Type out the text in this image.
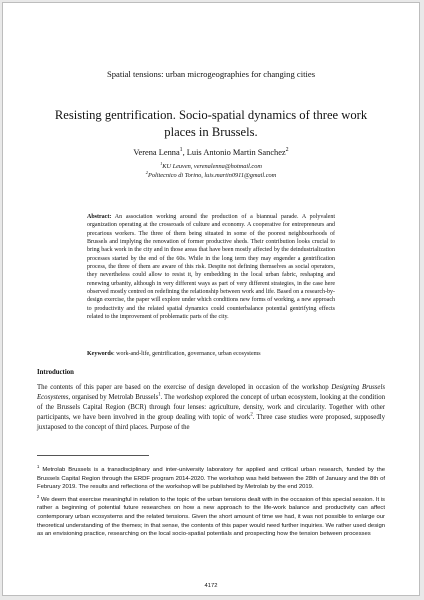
Spatial tensions: urban microgeographies for changing cities
Resisting gentrification. Socio-spatial dynamics of three work places in Brussels.
Verena Lenna$^1$, Luis Antonio Martin Sanchez$^2$
$^1$KU Leuven, verenalenna@hotmail.com
$^2$Politecnico di Torino, luis.martin0911@gmail.com
Abstract: An association working around the production of a biannual parade. A polyvalent organization operating at the crossroads of culture and economy. A cooperative for entrepreneurs and precarious workers. The three of them being situated in some of the poorest neighbourhoods of Brussels and implying the renovation of former productive sheds. Their contribution looks crucial to bring back work in the city and in those areas that have been mostly affected by the deindustrialization processes started by the end of the 60s. While in the long term they may engender a gentrification process, the three of them are aware of this risk. Despite not defining themselves as social operators, they nevertheless could allow to resist it, by embedding in the local urban fabric, reshaping and renewing urbanity, although in very different ways as part of very different strategies, in the case here observed mostly centred on redefining the relationship between work and life. Based on a research-by-design exercise, the paper will explore under which conditions new forms of working, a new approach to productivity and the related spatial dynamics could counterbalance potential gentrifying effects related to the improvement of problematic parts of the city.
Keywords: work-and-life, gentrification, governance, urban ecosystems
Introduction
The contents of this paper are based on the exercise of design developed in occasion of the workshop Designing Brussels Ecosystems, organised by Metrolab Brussels$^1$. The workshop explored the concept of urban ecosystem, looking at the condition of the Brussels Capital Region (BCR) through four lenses: agriculture, density, work and circularity. Together with other participants, we have been involved in the group dealing with topic of work$^2$. Three case studies were proposed, supposedly juxtaposed to the concept of third places. Purpose of the

$^1$ Metrolab Brussels is a transdisciplinary and inter-university laboratory for applied and critical urban research, funded by the Brussels Capital Region through the ERDF program 2014-2020. The workshop was held between the 28th of January and the 8th of February 2019. The results and reflections of the workshop will be published by Metrolab by the end 2019.

$^2$ We deem that exercise meaningful in relation to the topic of the urban tensions dealt with in the occasion of this special session. It is rather a beginning of potential future researches on how a new approach to the life-work balance and productivity can affect contemporary urban ecosystems and the related tensions. Given the short amount of time we had, it was not possible to enlarge our theoretical understanding of the themes; in that sense, the contents of this paper would need further inquiries. We rather used design as an envisioning practice, researching on the local socio-spatial potentials and prospecting how the tension between processes

4172
